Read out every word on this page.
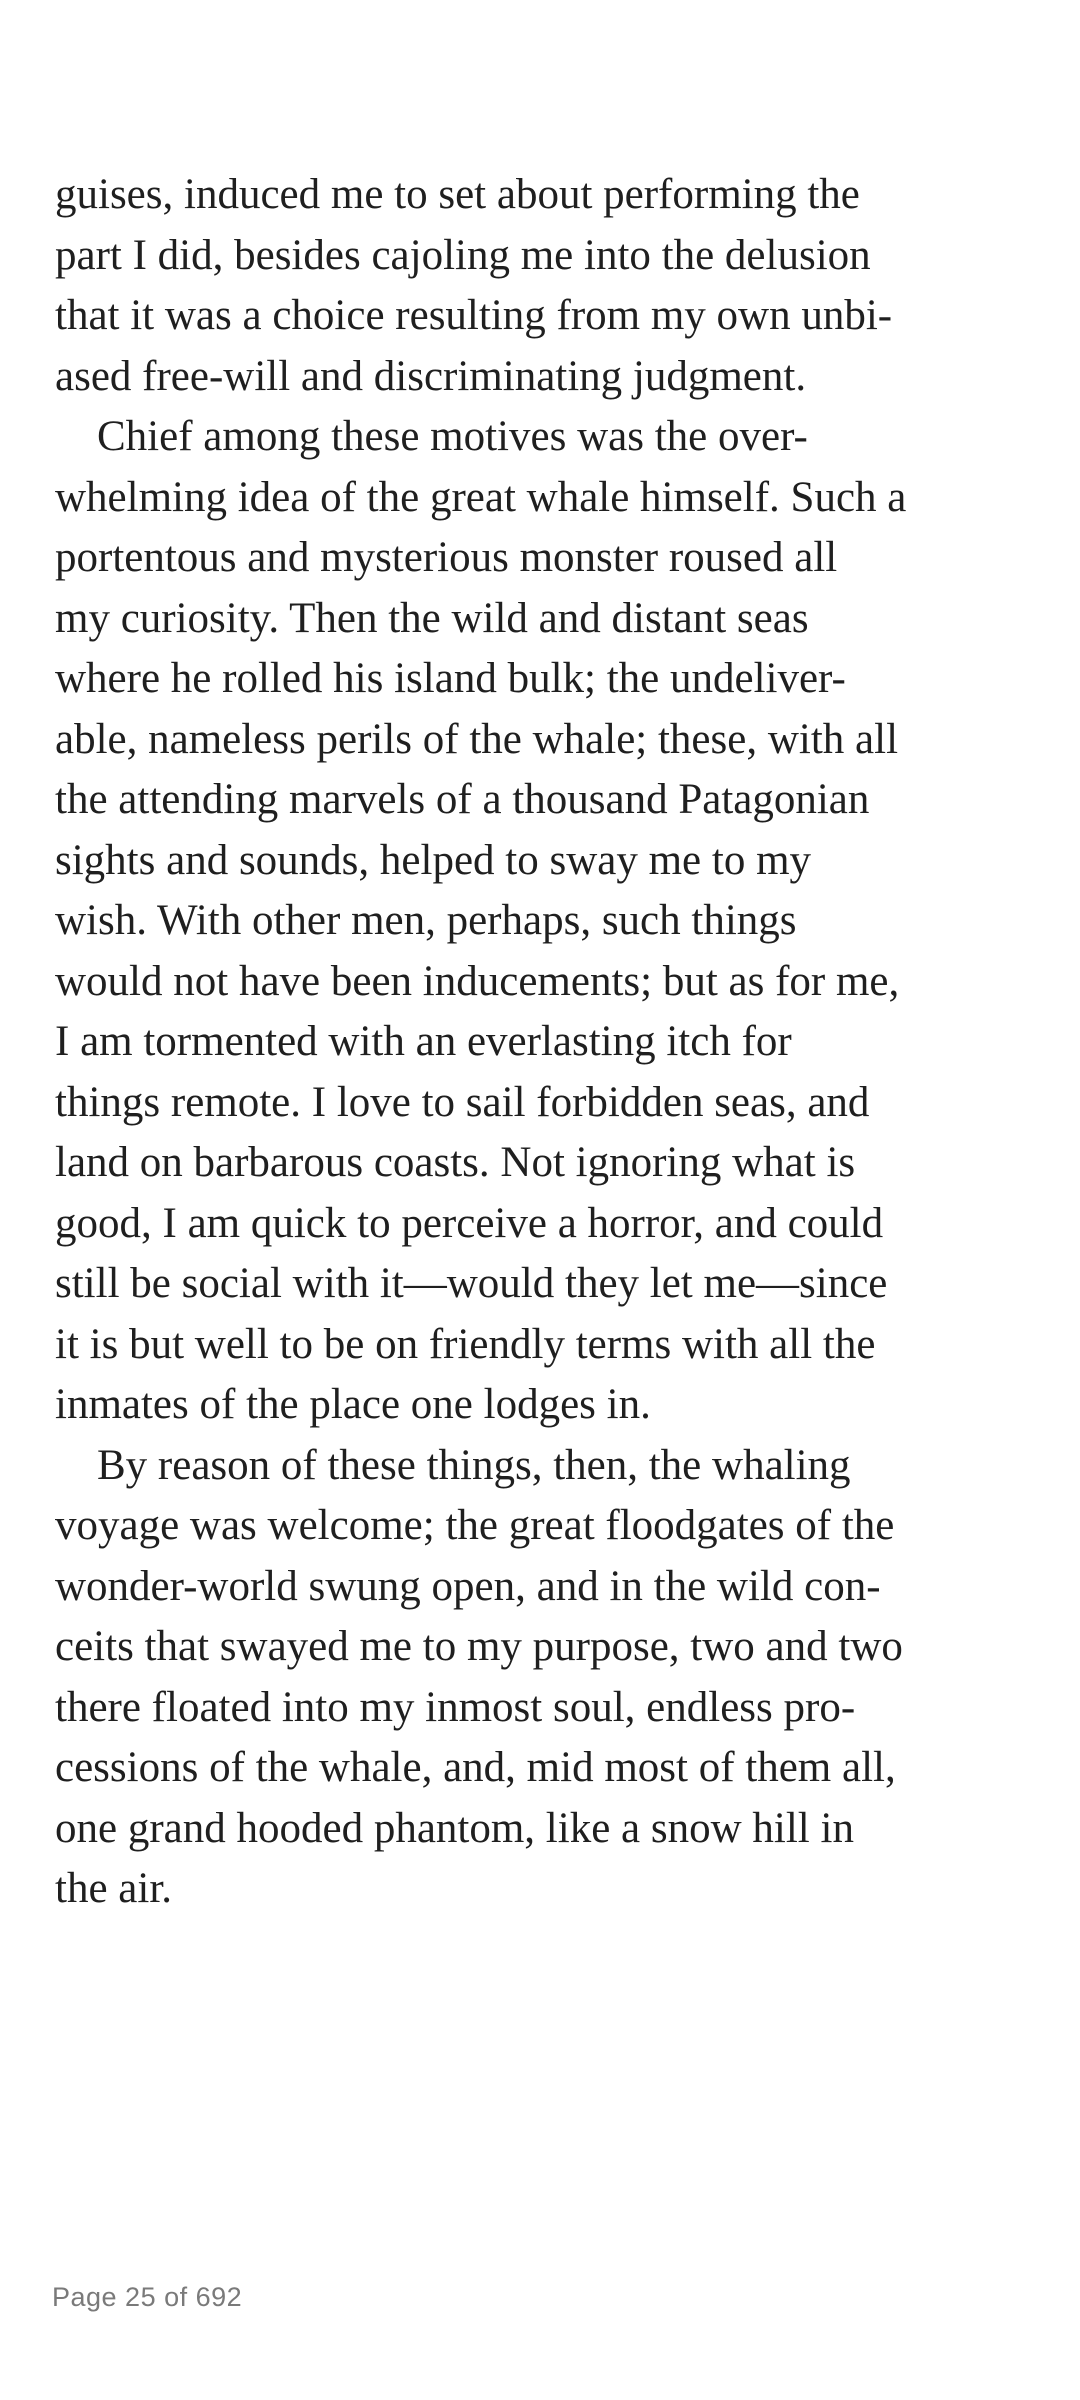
guises, induced me to set about performing the
part I did, besides cajoling me into the delusion
that it was a choice resulting from my own unbi-
ased free-will and discriminating judgment.
Chief among these motives was the over-
whelming idea of the great whale himself. Such a
portentous and mysterious monster roused all
my curiosity. Then the wild and distant seas
where he rolled his island bulk; the undeliver-
able, nameless perils of the whale; these, with all
the attending marvels of a thousand Patagonian
sights and sounds, helped to sway me to my
wish. With other men, perhaps, such things
would not have been inducements; but as for me,
I am tormented with an everlasting itch for
things remote. I love to sail forbidden seas, and
land on barbarous coasts. Not ignoring what is
good, I am quick to perceive a horror, and could
still be social with it—would they let me—since
it is but well to be on friendly terms with all the
inmates of the place one lodges in.
By reason of these things, then, the whaling
voyage was welcome; the great floodgates of the
wonder-world swung open, and in the wild con-
ceits that swayed me to my purpose, two and two
there floated into my inmost soul, endless pro-
cessions of the whale, and, mid most of them all,
one grand hooded phantom, like a snow hill in
the air.
Page 25 of 692
